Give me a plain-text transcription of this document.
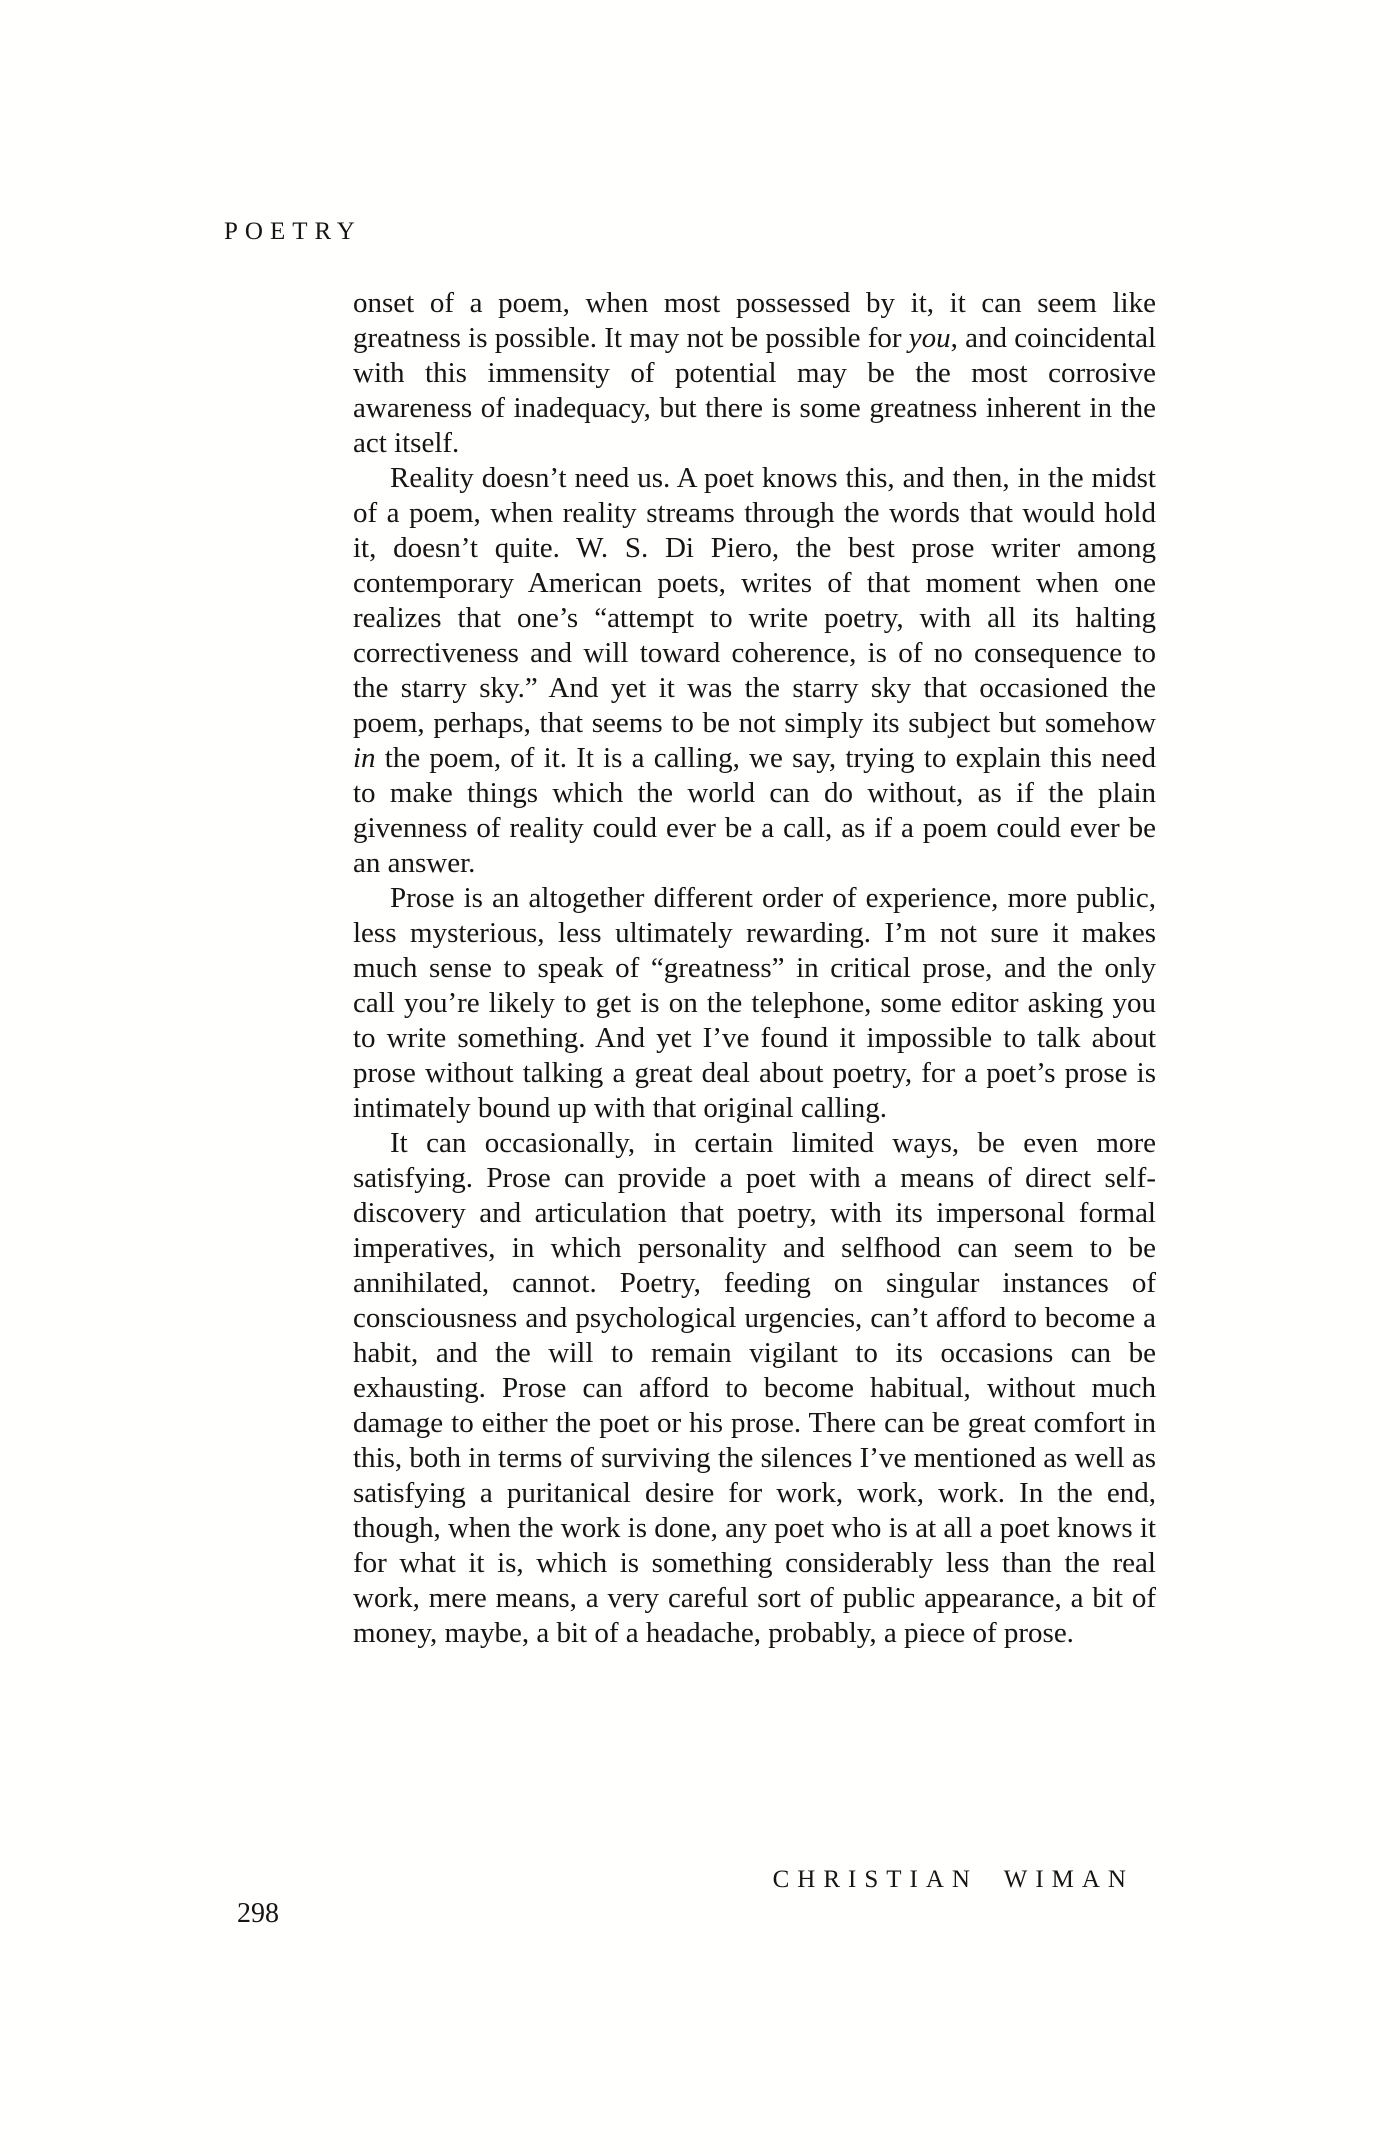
POETRY

onset of a poem, when most possessed by it, it can seem like greatness is possible. It may not be possible for you, and coincidental with this immensity of potential may be the most corrosive awareness of inadequacy, but there is some greatness inherent in the act itself.

Reality doesn’t need us. A poet knows this, and then, in the midst of a poem, when reality streams through the words that would hold it, doesn’t quite. W. S. Di Piero, the best prose writer among contemporary American poets, writes of that moment when one realizes that one’s “attempt to write poetry, with all its halting correctiveness and will toward coherence, is of no consequence to the starry sky.” And yet it was the starry sky that occasioned the poem, perhaps, that seems to be not simply its subject but somehow in the poem, of it. It is a calling, we say, trying to explain this need to make things which the world can do without, as if the plain givenness of reality could ever be a call, as if a poem could ever be an answer.

Prose is an altogether different order of experience, more public, less mysterious, less ultimately rewarding. I’m not sure it makes much sense to speak of “greatness” in critical prose, and the only call you’re likely to get is on the telephone, some editor asking you to write something. And yet I’ve found it impossible to talk about prose without talking a great deal about poetry, for a poet’s prose is intimately bound up with that original calling.

It can occasionally, in certain limited ways, be even more satisfying. Prose can provide a poet with a means of direct self-discovery and articulation that poetry, with its impersonal formal imperatives, in which personality and selfhood can seem to be annihilated, cannot. Poetry, feeding on singular instances of consciousness and psychological urgencies, can’t afford to become a habit, and the will to remain vigilant to its occasions can be exhausting. Prose can afford to become habitual, without much damage to either the poet or his prose. There can be great comfort in this, both in terms of surviving the silences I’ve mentioned as well as satisfying a puritanical desire for work, work, work. In the end, though, when the work is done, any poet who is at all a poet knows it for what it is, which is something considerably less than the real work, mere means, a very careful sort of public appearance, a bit of money, maybe, a bit of a headache, probably, a piece of prose.

CHRISTIAN WIMAN
298
